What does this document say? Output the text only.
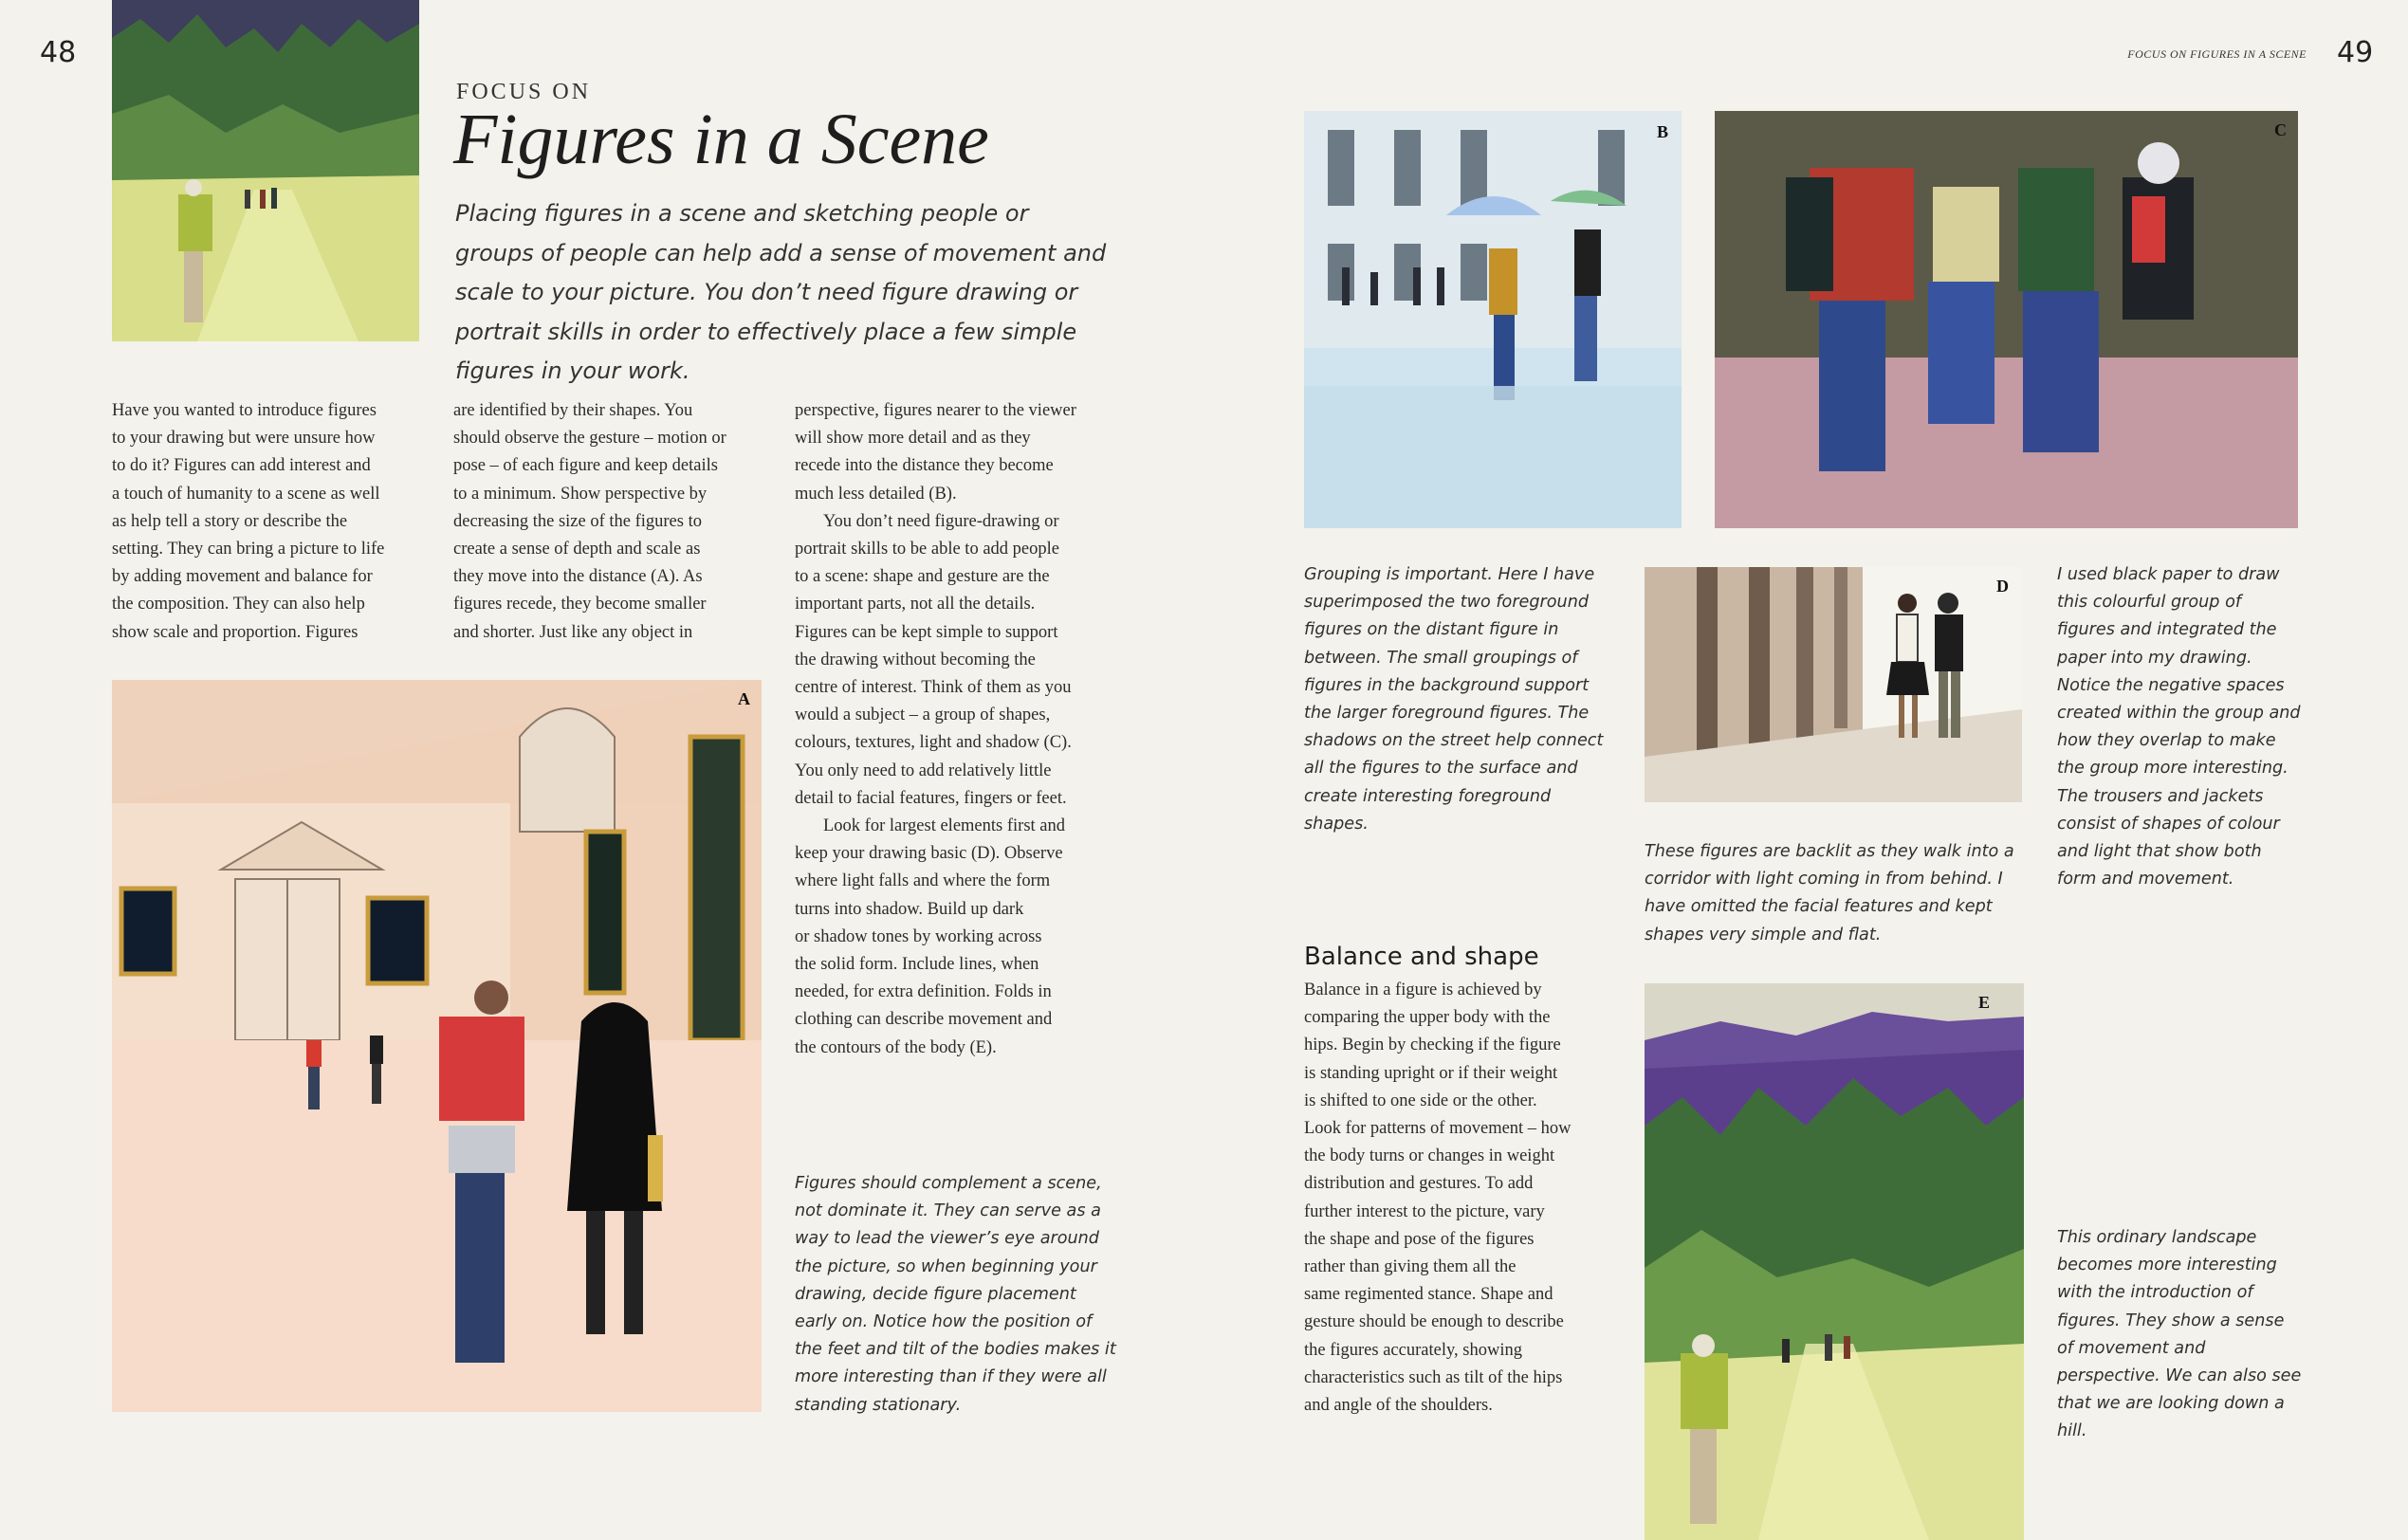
48	49
FOCUS ON FIGURES IN A SCENE
FOCUS ON
Figures in a Scene
Placing figures in a scene and sketching people or groups of people can help add a sense of movement and scale to your picture. You don’t need figure drawing or portrait skills in order to effectively place a few simple figures in your work.

Have you wanted to introduce figures

to your drawing but were unsure how

to do it? Figures can add interest and

a touch of humanity to a scene as well

as help tell a story or describe the

setting. They can bring a picture to life

by adding movement and balance for

the composition. They can also help

show scale and proportion. Figures

are identified by their shapes. You

should observe the gesture – motion or

pose – of each figure and keep details

to a minimum. Show perspective by

decreasing the size of the figures to

create a sense of depth and scale as

they move into the distance (A). As

figures recede, they become smaller

and shorter. Just like any object in

perspective, figures nearer to the viewer

will show more detail and as they

recede into the distance they become

much less detailed (B).

You don’t need figure-drawing or

portrait skills to be able to add people

to a scene: shape and gesture are the

important parts, not all the details.

Figures can be kept simple to support

the drawing without becoming the

centre of interest. Think of them as you

would a subject – a group of shapes,

colours, textures, light and shadow (C).

You only need to add relatively little

detail to facial features, fingers or feet.

Look for largest elements first and

keep your drawing basic (D). Observe

where light falls and where the form

turns into shadow. Build up dark

or shadow tones by working across

the solid form. Include lines, when

needed, for extra definition. Folds in

clothing can describe movement and

the contours of the body (E).

A
Figures should complement a scene, not dominate it. They can serve as a way to lead the viewer’s eye around the picture, so when beginning your drawing, decide figure placement early on. Notice how the position of the feet and tilt of the bodies makes it more interesting than if they were all standing stationary.
B	C
Grouping is important. Here I have superimposed the two foreground figures on the distant figure in between. The small groupings of figures in the background support the larger foreground figures. The shadows on the street help connect all the figures to the surface and create interesting foreground shapes.
D
I used black paper to draw this colourful group of figures and integrated the paper into my drawing. Notice the negative spaces created within the group and how they overlap to make the group more interesting. The trousers and jackets consist of shapes of colour and light that show both form and movement.
These figures are backlit as they walk into a corridor with light coming in from behind. I have omitted the facial features and kept shapes very simple and flat.
Balance and shape

Balance in a figure is achieved by

comparing the upper body with the

hips. Begin by checking if the figure

is standing upright or if their weight

is shifted to one side or the other.

Look for patterns of movement – how

the body turns or changes in weight

distribution and gestures. To add

further interest to the picture, vary

the shape and pose of the figures

rather than giving them all the

same regimented stance. Shape and

gesture should be enough to describe

the figures accurately, showing

characteristics such as tilt of the hips

and angle of the shoulders.

E
This ordinary landscape becomes more interesting with the introduction of figures. They show a sense of movement and perspective. We can also see that we are looking down a hill.
